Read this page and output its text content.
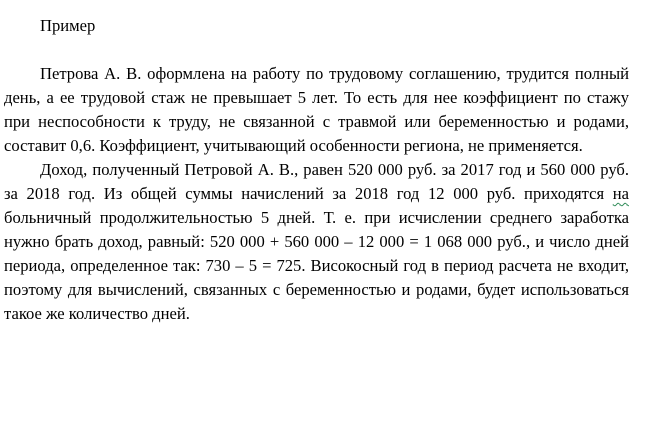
Пример

Петрова А. В. оформлена на работу по трудовому соглашению, трудится полный день, а ее трудовой стаж не превышает 5 лет. То есть для нее коэффициент по стажу при неспособности к труду, не связанной с травмой или беременностью и родами, составит 0,6. Коэффициент, учитывающий особенности региона, не применяется.

Доход, полученный Петровой А. В., равен 520 000 руб. за 2017 год и 560 000 руб. за 2018 год. Из общей суммы начислений за 2018 год 12 000 руб. приходятся на больничный продолжительностью 5 дней. Т. е. при исчислении среднего заработка нужно брать доход, равный: 520 000 + 560 000 – 12 000 = 1 068 000 руб., и число дней периода, определенное так: 730 – 5 = 725. Високосный год в период расчета не входит, поэтому для вычислений, связанных с беременностью и родами, будет использоваться такое же количество дней.
